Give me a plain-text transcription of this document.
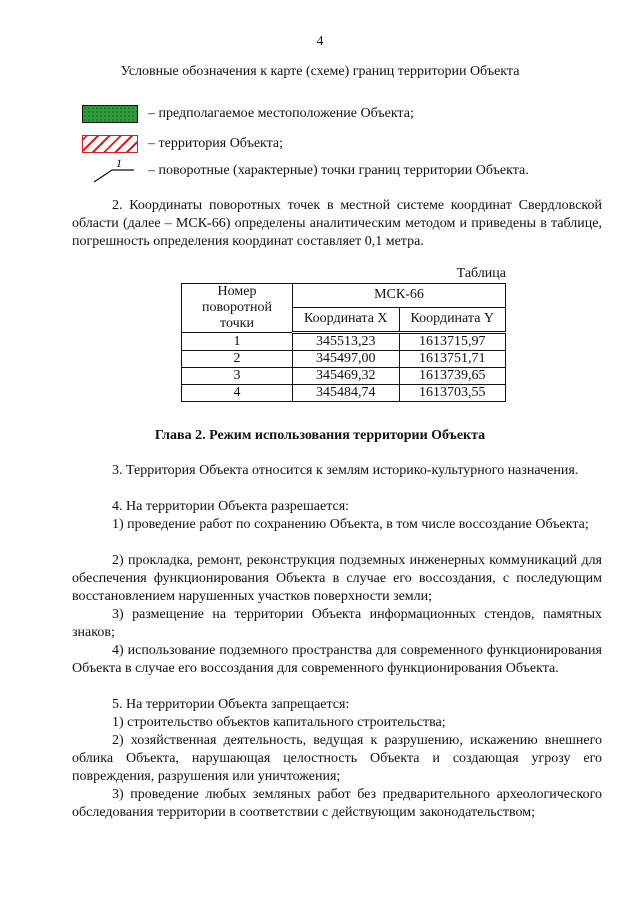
4
Условные обозначения к карте (схеме) границ территории Объекта
– предполагаемое местоположение Объекта;
– территория Объекта;
1 – поворотные (характерные) точки границ территории Объекта.
2. Координаты поворотных точек в местной системе координат Свердловской области (далее – МСК-66) определены аналитическим методом и приведены в таблице, погрешность определения координат составляет 0,1 метра.
Таблица
Номер поворотной точки	МСК-66	
	Координата X	Координата Y
1	345513,23	1613715,97
2	345497,00	1613751,71
3	345469,32	1613739,65
4	345484,74	1613703,55
Глава 2. Режим использования территории Объекта
3. Территория Объекта относится к землям историко-культурного назначения.
4. На территории Объекта разрешается:
1) проведение работ по сохранению Объекта, в том числе воссоздание Объекта;
2) прокладка, ремонт, реконструкция подземных инженерных коммуникаций для обеспечения функционирования Объекта в случае его воссоздания, с последующим восстановлением нарушенных участков поверхности земли;
3) размещение на территории Объекта информационных стендов, памятных знаков;
4) использование подземного пространства для современного функционирования Объекта в случае его воссоздания для современного функционирования Объекта.
5. На территории Объекта запрещается:
1) строительство объектов капитального строительства;
2) хозяйственная деятельность, ведущая к разрушению, искажению внешнего облика Объекта, нарушающая целостность Объекта и создающая угрозу его повреждения, разрушения или уничтожения;
3) проведение любых земляных работ без предварительного археологического обследования территории в соответствии с действующим законодательством;
